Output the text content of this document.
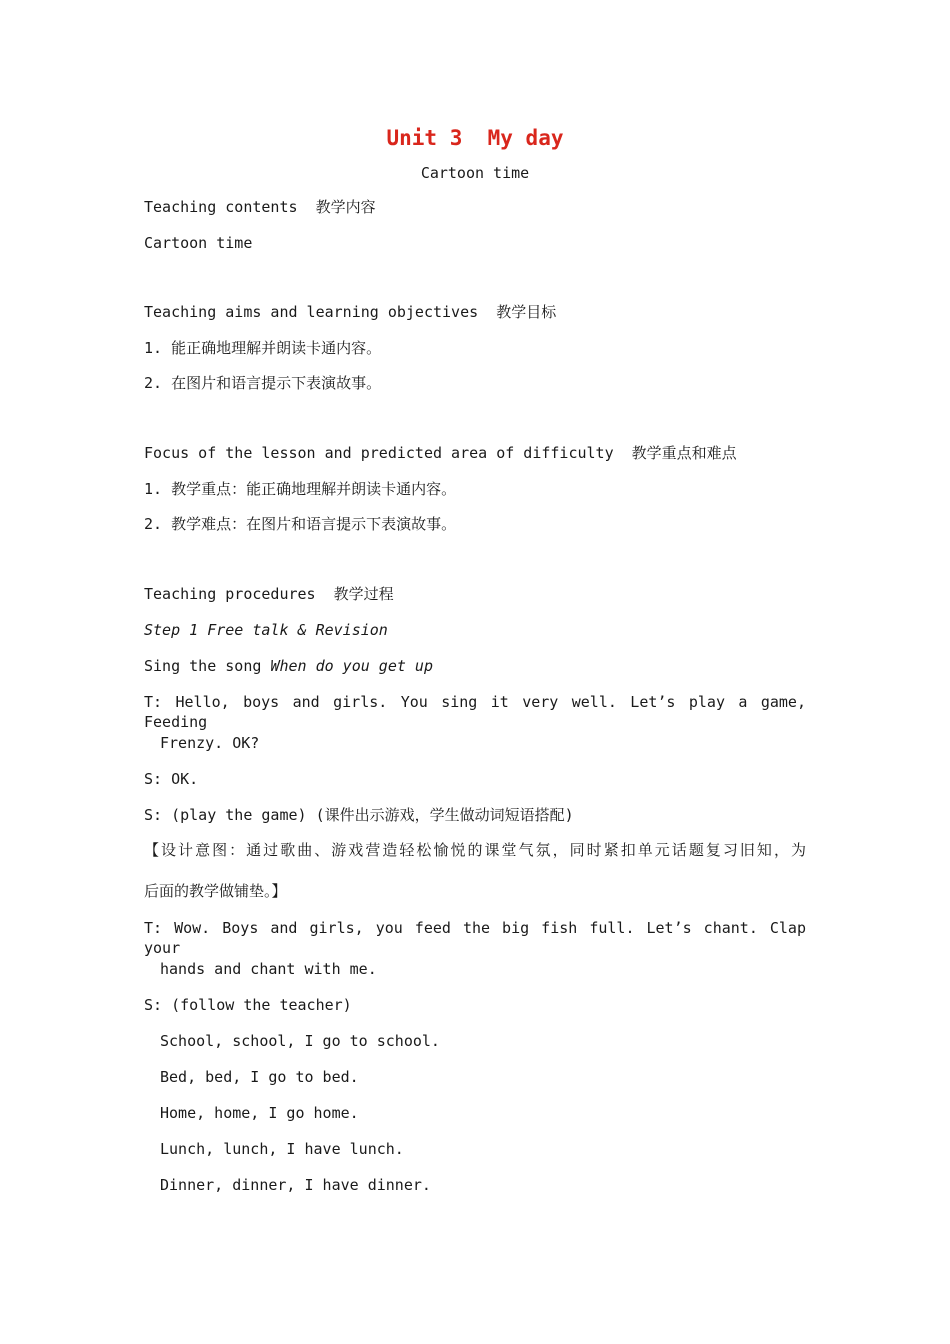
Unit 3  My day
Cartoon time
Teaching contents  教学内容
Cartoon time
Teaching aims and learning objectives  教学目标
1. 能正确地理解并朗读卡通内容。
2. 在图片和语言提示下表演故事。
Focus of the lesson and predicted area of difficulty  教学重点和难点
1. 教学重点：能正确地理解并朗读卡通内容。
2. 教学难点：在图片和语言提示下表演故事。
Teaching procedures  教学过程
Step 1 Free talk & Revision
Sing the song When do you get up
T: Hello, boys and girls. You sing it very well. Let’s play a game, Feeding
Frenzy. OK?
S: OK.
S: (play the game) (课件出示游戏，学生做动词短语搭配)
【设计意图：通过歌曲、游戏营造轻松愉悦的课堂气氛，同时紧扣单元话题复习旧知，为
后面的教学做铺垫。】
T: Wow. Boys and girls, you feed the big fish full. Let’s chant. Clap your
hands and chant with me.
S: (follow the teacher)
School, school, I go to school.
Bed, bed, I go to bed.
Home, home, I go home.
Lunch, lunch, I have lunch.
Dinner, dinner, I have dinner.
